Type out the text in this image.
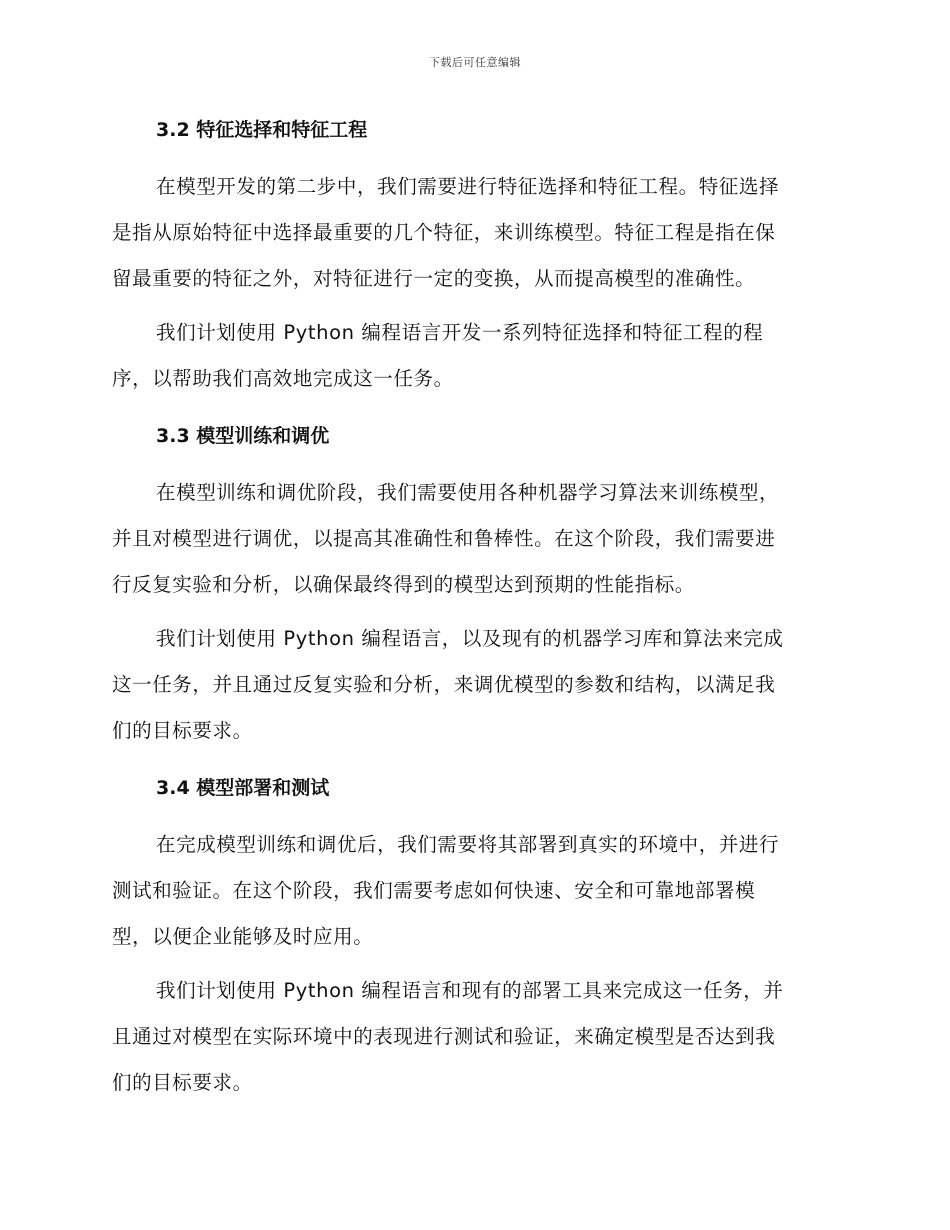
下载后可任意编辑
3.2 特征选择和特征工程
在模型开发的第二步中，我们需要进行特征选择和特征工程。特征选择
是指从原始特征中选择最重要的几个特征，来训练模型。特征工程是指在保
留最重要的特征之外，对特征进行一定的变换，从而提高模型的准确性。
我们计划使用 Python 编程语言开发一系列特征选择和特征工程的程
序，以帮助我们高效地完成这一任务。
3.3 模型训练和调优
在模型训练和调优阶段，我们需要使用各种机器学习算法来训练模型，
并且对模型进行调优，以提高其准确性和鲁棒性。在这个阶段，我们需要进
行反复实验和分析，以确保最终得到的模型达到预期的性能指标。
我们计划使用 Python 编程语言，以及现有的机器学习库和算法来完成
这一任务，并且通过反复实验和分析，来调优模型的参数和结构，以满足我
们的目标要求。
3.4 模型部署和测试
在完成模型训练和调优后，我们需要将其部署到真实的环境中，并进行
测试和验证。在这个阶段，我们需要考虑如何快速、安全和可靠地部署模
型，以便企业能够及时应用。
我们计划使用 Python 编程语言和现有的部署工具来完成这一任务，并
且通过对模型在实际环境中的表现进行测试和验证，来确定模型是否达到我
们的目标要求。
